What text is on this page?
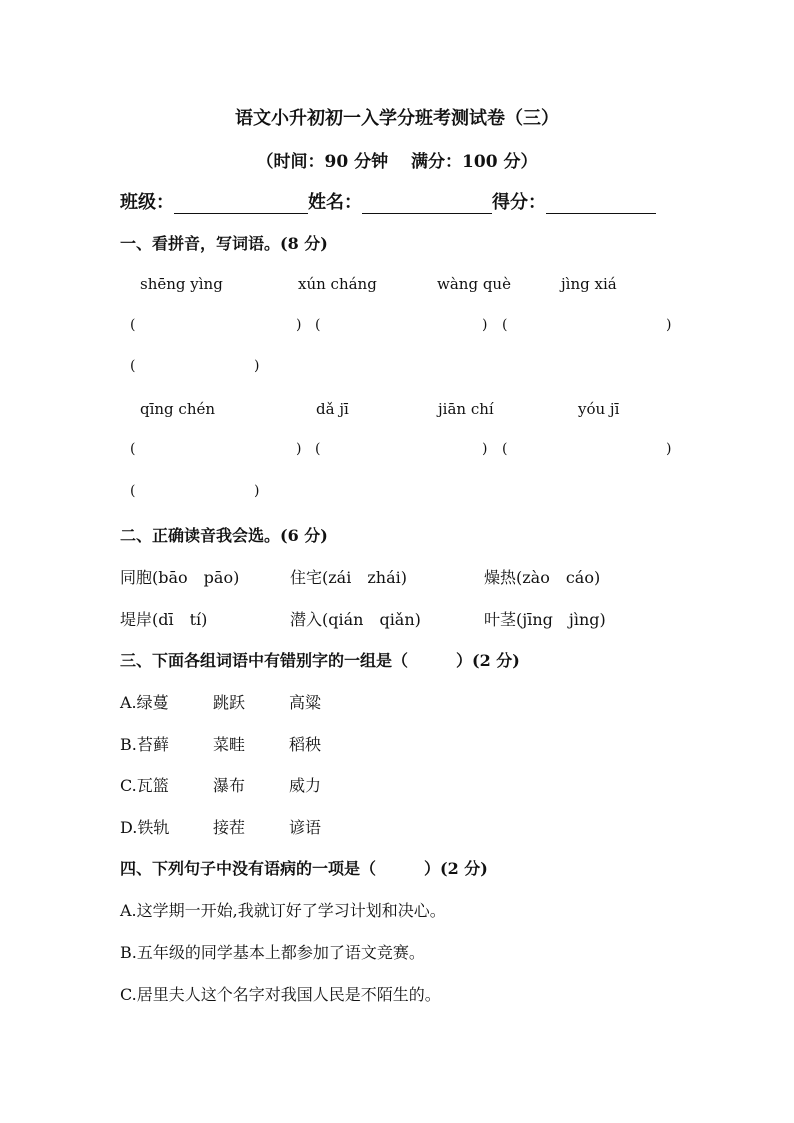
语文小升初初一入学分班考测试卷（三）
（时间：90 分钟　 满分：100 分）
班级：	姓名：	得分：
一、看拼音，写词语。(8 分)
shēng yìng	xún cháng	wàng què	jìng xiá
(	) (	) (	)
(	)
qīng chén	dǎ jī	jiān chí	yóu jī
(	) (	) (	)
(	)
二、正确读音我会选。(6 分)
同胞(bāo　pāo)	住宅(zái　zhái)	燥热(zào　cáo)
堤岸(dī　tí)	潜入(qián　qiǎn)	叶茎(jīng　jìng)
三、下面各组词语中有错别字的一组是（　　　）(2 分)
A.绿蔓	跳跃	高粱
B.苔藓	菜畦	稻秧
C.瓦篮	瀑布	威力
D.铁轨	接茬	谚语
四、下列句子中没有语病的一项是（　　　）(2 分)
A.这学期一开始,我就订好了学习计划和决心。
B.五年级的同学基本上都参加了语文竞赛。
C.居里夫人这个名字对我国人民是不陌生的。
